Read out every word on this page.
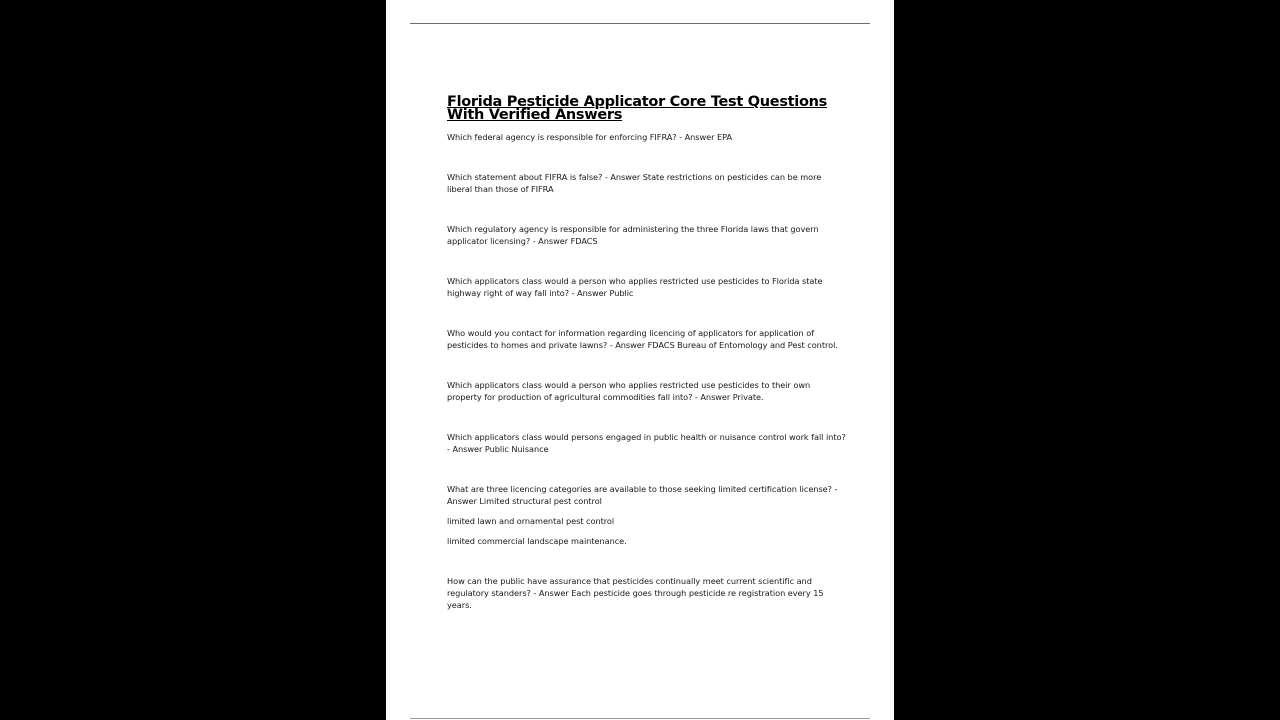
Florida Pesticide Applicator Core Test Questions With Verified Answers

Which federal agency is responsible for enforcing FIFRA? - Answer EPA

Which statement about FIFRA is false? - Answer State restrictions on pesticides can be more liberal than those of FIFRA

Which regulatory agency is responsible for administering the three Florida laws that govern applicator licensing? - Answer FDACS

Which applicators class would a person who applies restricted use pesticides to Florida state highway right of way fall into? - Answer Public

Who would you contact for information regarding licencing of applicators for application of pesticides to homes and private lawns? - Answer FDACS Bureau of Entomology and Pest control.

Which applicators class would a person who applies restricted use pesticides to their own property for production of agricultural commodities fall into? - Answer Private.

Which applicators class would persons engaged in public health or nuisance control work fall into? - Answer Public Nuisance

What are three licencing categories are available to those seeking limited certification license? - Answer Limited structural pest control

limited lawn and ornamental pest control

limited commercial landscape maintenance.

How can the public have assurance that pesticides continually meet current scientific and regulatory standers? - Answer Each pesticide goes through pesticide re registration every 15 years.
